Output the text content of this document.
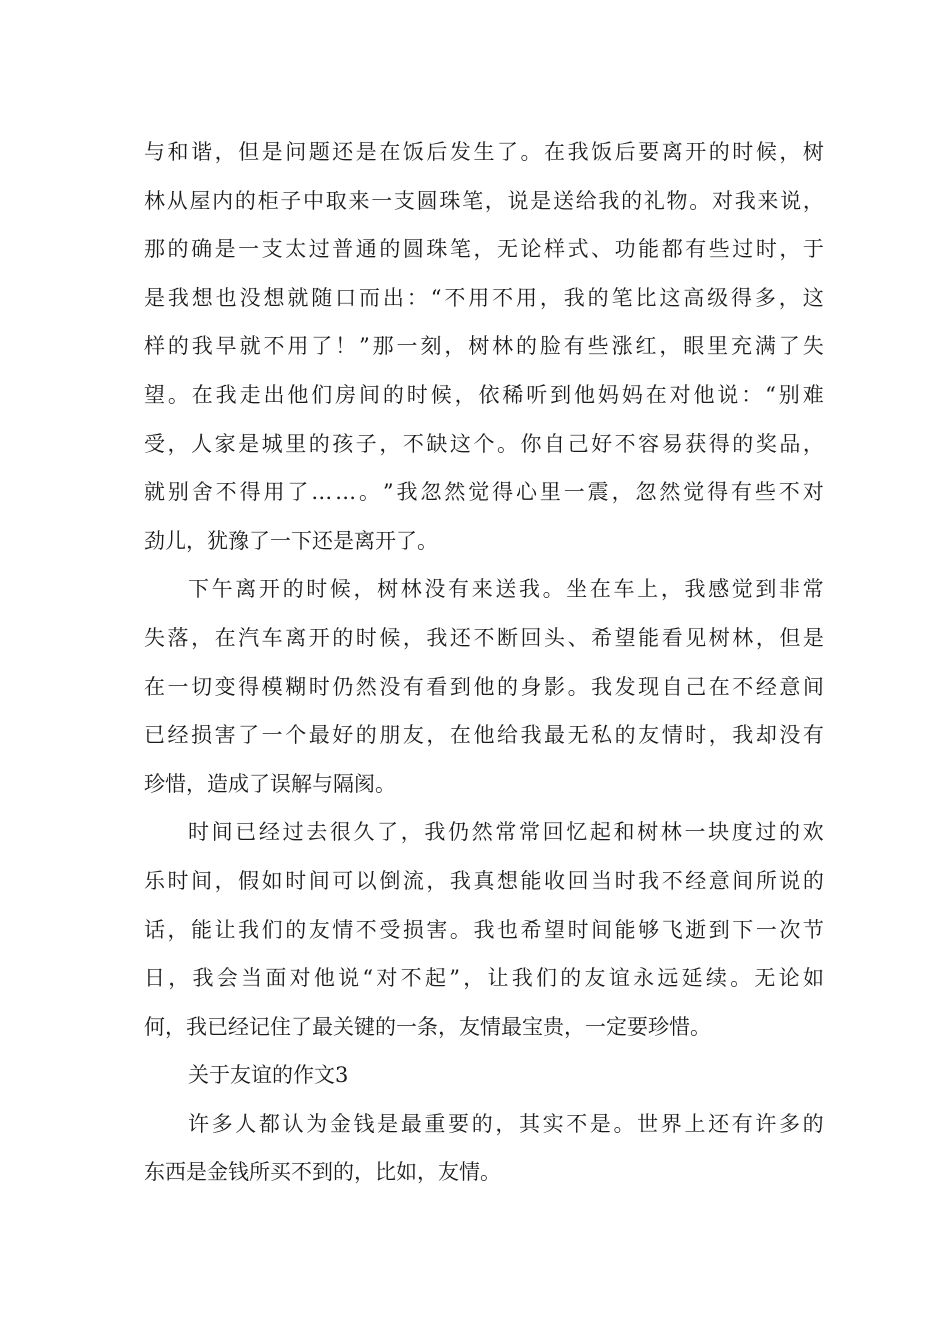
与 和 谐 ， 但 是 问 题 还 是 在 饭 后 发 生 了 。 在 我 饭 后 要 离 开 的 时 候 ， 树
林 从 屋 内 的 柜 子 中 取 来 一 支 圆 珠 笔 ， 说 是 送 给 我 的 礼 物 。 对 我 来 说 ，
那 的 确 是 一 支 太 过 普 通 的 圆 珠 笔 ， 无 论 样 式 、 功 能 都 有 些 过 时 ， 于
是 我 想 也 没 想 就 随 口 而 出 ： “ 不 用 不 用 ， 我 的 笔 比 这 高 级 得 多 ， 这
样 的 我 早 就 不 用 了 ！ ” 那 一 刻 ， 树 林 的 脸 有 些 涨 红 ， 眼 里 充 满 了 失
望 。 在 我 走 出 他 们 房 间 的 时 候 ， 依 稀 听 到 他 妈 妈 在 对 他 说 ： “ 别 难
受 ， 人 家 是 城 里 的 孩 子 ， 不 缺 这 个 。 你 自 己 好 不 容 易 获 得 的 奖 品 ，
就 别 舍 不 得 用 了 … … 。 ” 我 忽 然 觉 得 心 里 一 震 ， 忽 然 觉 得 有 些 不 对
劲儿，犹豫了一下还是离开了。
下 午 离 开 的 时 候 ， 树 林 没 有 来 送 我 。 坐 在 车 上 ， 我 感 觉 到 非 常
失 落 ， 在 汽 车 离 开 的 时 候 ， 我 还 不 断 回 头 、 希 望 能 看 见 树 林 ， 但 是
在 一 切 变 得 模 糊 时 仍 然 没 有 看 到 他 的 身 影 。 我 发 现 自 己 在 不 经 意 间
已 经 损 害 了 一 个 最 好 的 朋 友 ， 在 他 给 我 最 无 私 的 友 情 时 ， 我 却 没 有
珍惜，造成了误解与隔阂。
时 间 已 经 过 去 很 久 了 ， 我 仍 然 常 常 回 忆 起 和 树 林 一 块 度 过 的 欢
乐 时 间 ， 假 如 时 间 可 以 倒 流 ， 我 真 想 能 收 回 当 时 我 不 经 意 间 所 说 的
话 ， 能 让 我 们 的 友 情 不 受 损 害 。 我 也 希 望 时 间 能 够 飞 逝 到 下 一 次 节
日 ， 我 会 当 面 对 他 说 “ 对 不 起 ” ， 让 我 们 的 友 谊 永 远 延 续 。 无 论 如
何，我已经记住了最关键的一条，友情最宝贵，一定要珍惜。
关于友谊的作文3
许 多 人 都 认 为 金 钱 是 最 重 要 的 ， 其 实 不 是 。 世 界 上 还 有 许 多 的
东西是金钱所买不到的，比如，友情。
